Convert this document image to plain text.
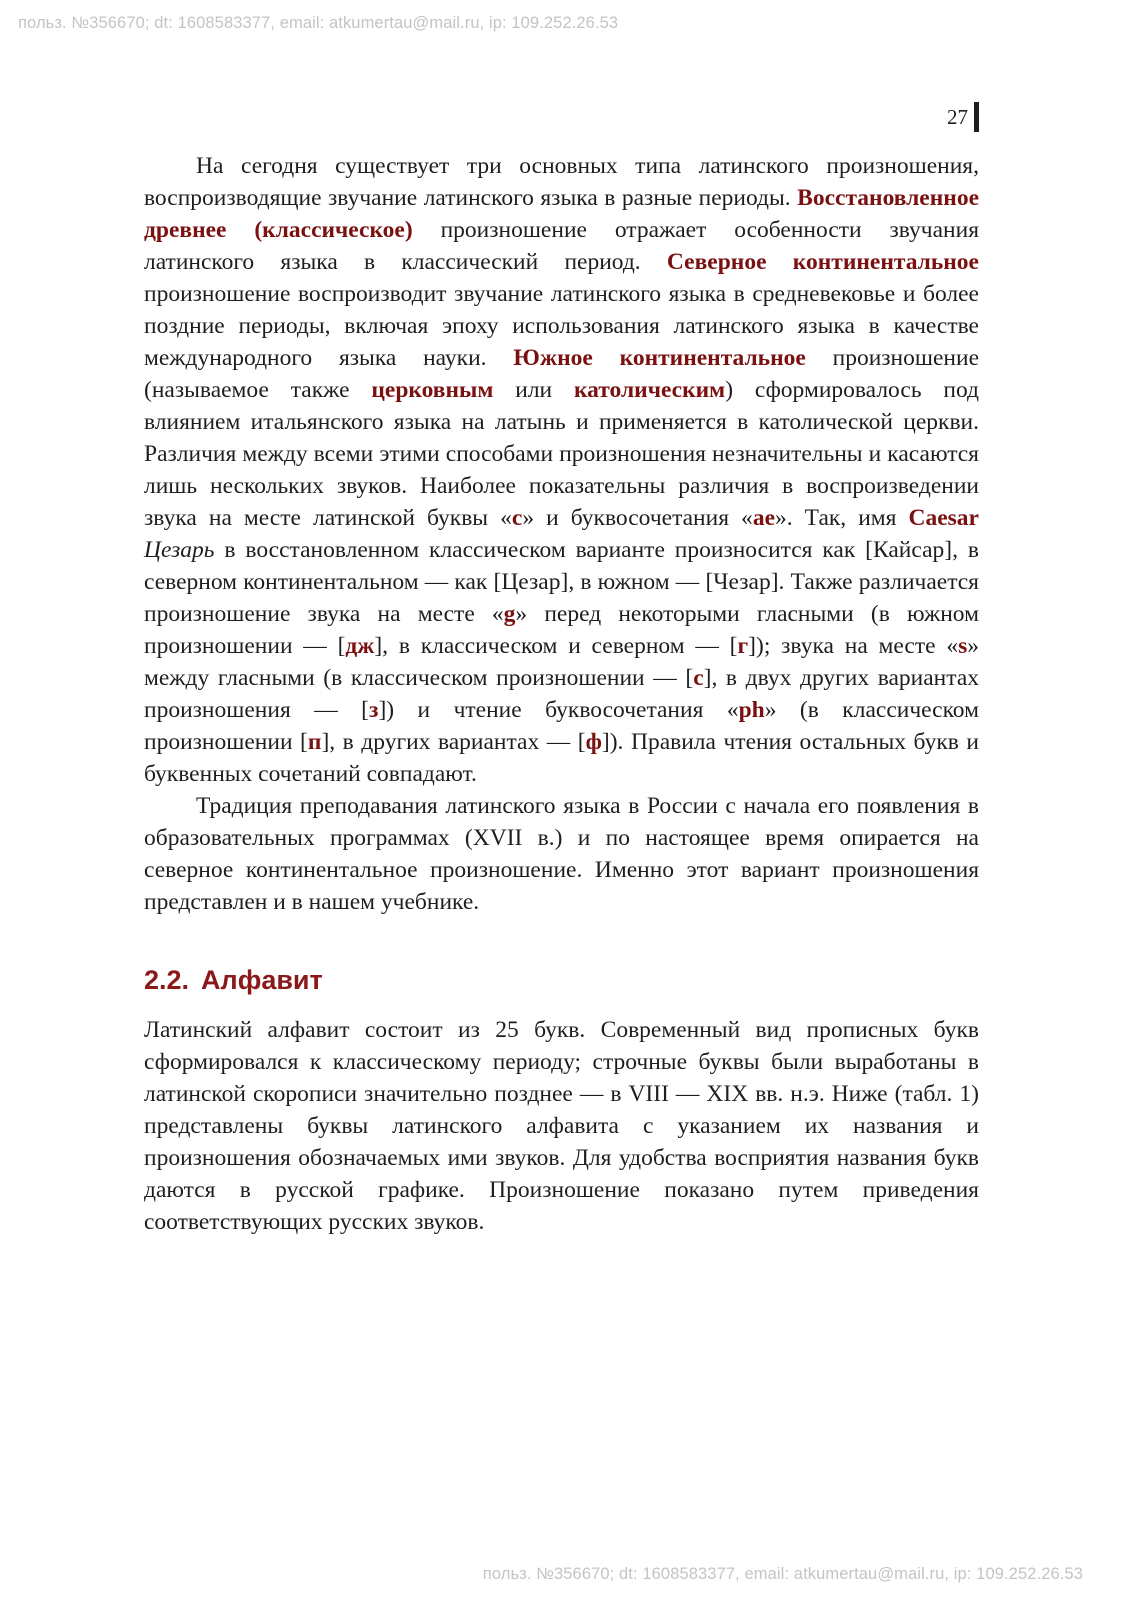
польз. №356670; dt: 1608583377, email: atkumertau@mail.ru, ip: 109.252.26.53
27

На сегодня существует три основных типа латинского произношения, воспроизводящие звучание латинского языка в разные периоды. Восстановленное древнее (классическое) произношение отражает особенности звучания латинского языка в классический период. Северное континентальное произношение воспроизводит звучание латинского языка в средневековье и более поздние периоды, включая эпоху использования латинского языка в качестве международного языка науки. Южное континентальное произношение (называемое также церковным или католическим) сформировалось под влиянием итальянского языка на латынь и применяется в католической церкви. Различия между всеми этими способами произношения незначительны и касаются лишь нескольких звуков. Наиболее показательны различия в воспроизведении звука на месте латинской буквы «с» и буквосочетания «ae». Так, имя Caesar Цезарь в восстановленном классическом варианте произносится как [Кайсар], в северном континентальном — как [Цезар], в южном — [Чезар]. Также различается произношение звука на месте «g» перед некоторыми гласными (в южном произношении — [дж], в классическом и северном — [г]); звука на месте «s» между гласными (в классическом произношении — [с], в двух других вариантах произношения — [з]) и чтение буквосочетания «ph» (в классическом произношении [п], в других вариантах — [ф]). Правила чтения остальных букв и буквенных сочетаний совпадают.

Традиция преподавания латинского языка в России с начала его появления в образовательных программах (XVII в.) и по настоящее время опирается на северное континентальное произношение. Именно этот вариант произношения представлен и в нашем учебнике.

2.2. Алфавит

Латинский алфавит состоит из 25 букв. Современный вид прописных букв сформировался к классическому периоду; строчные буквы были выработаны в латинской скорописи значительно позднее — в VIII — XIX вв. н.э. Ниже (табл. 1) представлены буквы латинского алфавита с указанием их названия и произношения обозначаемых ими звуков. Для удобства восприятия названия букв даются в русской графике. Произношение показано путем приведения соответствующих русских звуков.

польз. №356670; dt: 1608583377, email: atkumertau@mail.ru, ip: 109.252.26.53
